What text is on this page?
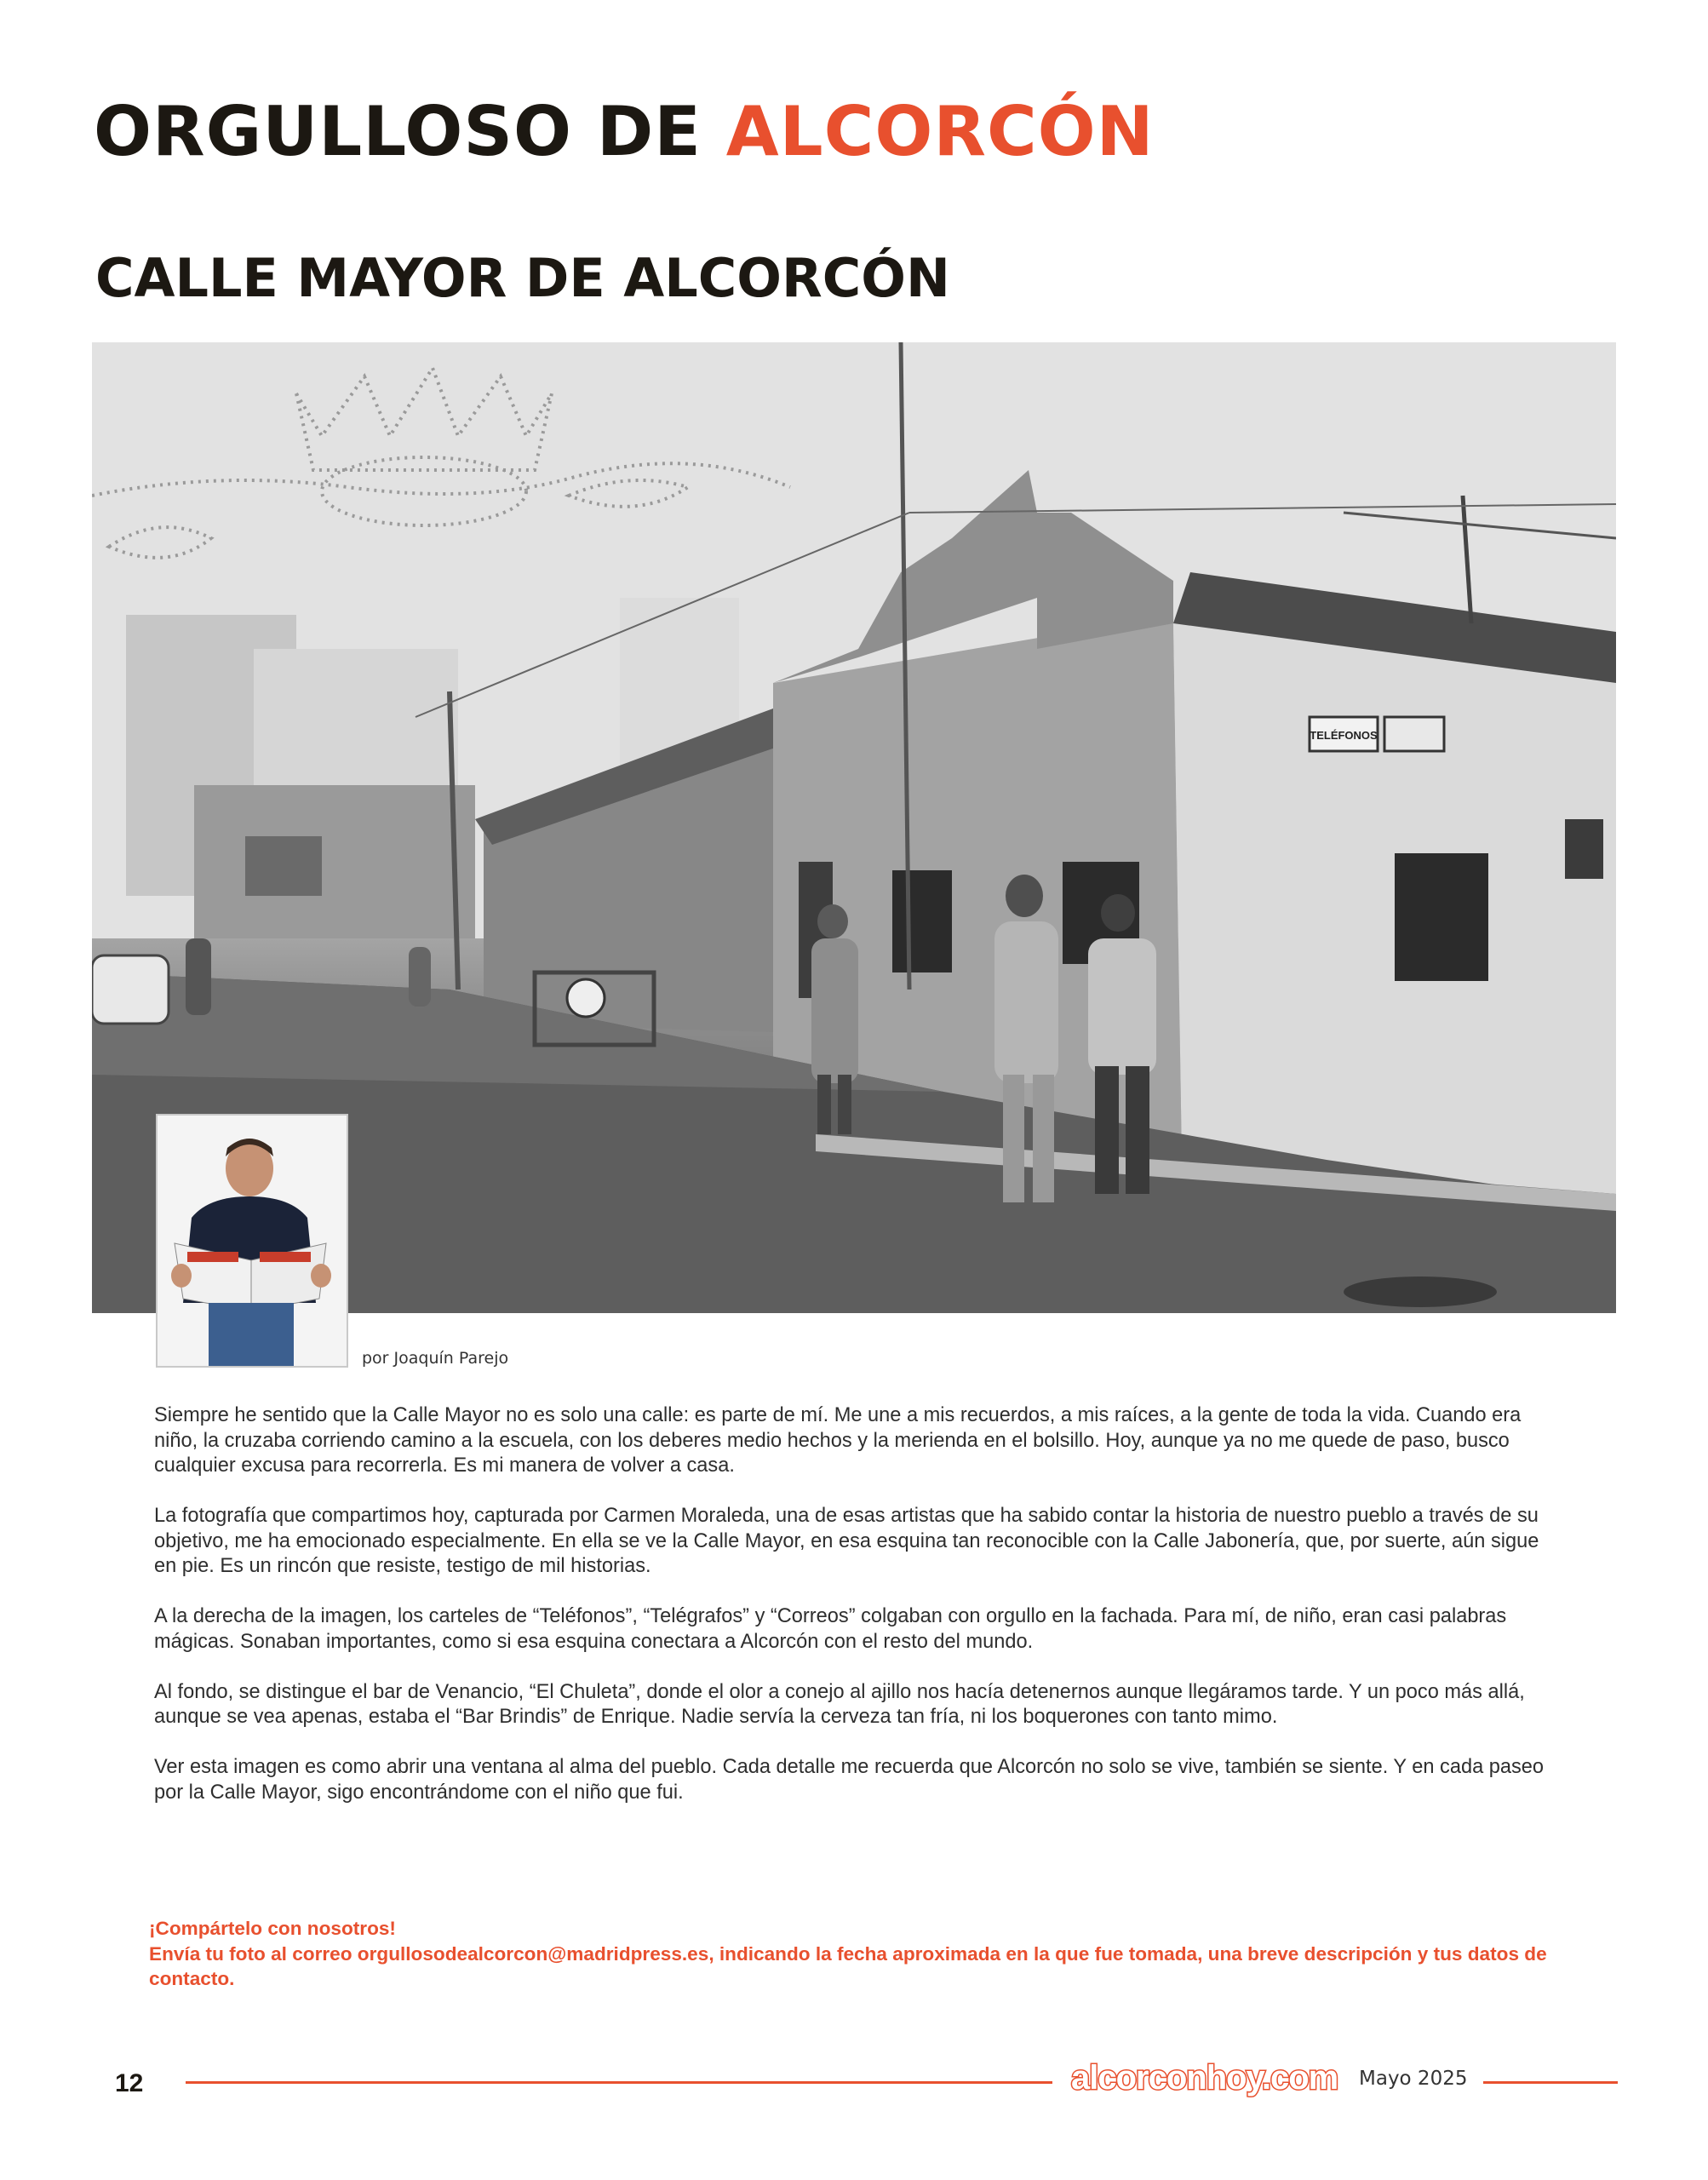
ORGULLOSO DE ALCORCÓN
CALLE MAYOR DE ALCORCÓN
TELÉFONOS
por Joaquín Parejo

Siempre he sentido que la Calle Mayor no es solo una calle: es parte de mí. Me une a mis recuerdos, a mis raíces, a la gente de toda la vida. Cuando era niño, la cruzaba corriendo camino a la escuela, con los deberes medio hechos y la merienda en el bolsillo. Hoy, aunque ya no me quede de paso, busco cualquier excusa para recorrerla. Es mi manera de volver a casa.

La fotografía que compartimos hoy, capturada por Carmen Moraleda, una de esas artistas que ha sabido contar la historia de nuestro pueblo a través de su objetivo, me ha emocionado especialmente. En ella se ve la Calle Mayor, en esa esquina tan reconocible con la Calle Jabonería, que, por suerte, aún sigue en pie. Es un rincón que resiste, testigo de mil historias.

A la derecha de la imagen, los carteles de “Teléfonos”, “Telégrafos” y “Correos” colgaban con orgullo en la fachada. Para mí, de niño, eran casi palabras mágicas. Sonaban importantes, como si esa esquina conectara a Alcorcón con el resto del mundo.

Al fondo, se distingue el bar de Venancio, “El Chuleta”, donde el olor a conejo al ajillo nos hacía detenernos aunque llegáramos tarde. Y un poco más allá, aunque se vea apenas, estaba el “Bar Brindis” de Enrique. Nadie servía la cerveza tan fría, ni los boquerones con tanto mimo.

Ver esta imagen es como abrir una ventana al alma del pueblo. Cada detalle me recuerda que Alcorcón no solo se vive, también se siente. Y en cada paseo por la Calle Mayor, sigo encontrándome con el niño que fui.

¡Compártelo con nosotros!
Envía tu foto al correo orgullosodealcorcon@madridpress.es, indicando la fecha aproximada en la que fue tomada, una breve descripción y tus datos de contacto.
12	alcorconhoy.com Mayo 2025
